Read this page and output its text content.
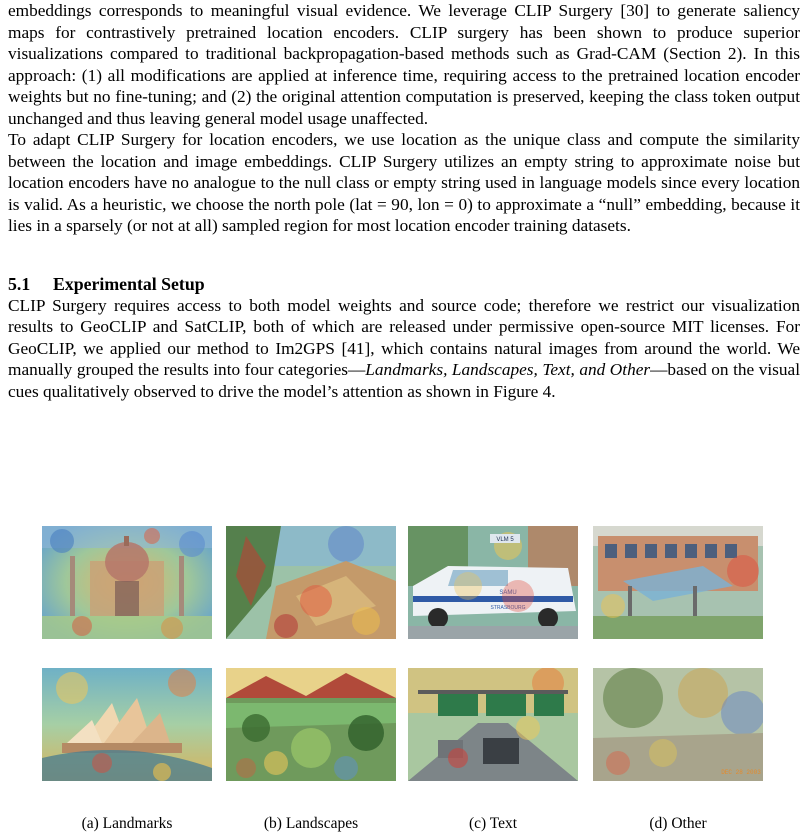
embeddings corresponds to meaningful visual evidence. We leverage CLIP Surgery [30] to generate saliency maps for contrastively pretrained location encoders. CLIP surgery has been shown to produce superior visualizations compared to traditional backpropagation-based methods such as Grad-CAM (Section 2). In this approach: (1) all modifications are applied at inference time, requiring access to the pretrained location encoder weights but no fine-tuning; and (2) the original attention computation is preserved, keeping the class token output unchanged and thus leaving general model usage unaffected.

To adapt CLIP Surgery for location encoders, we use location as the unique class and compute the similarity between the location and image embeddings. CLIP Surgery utilizes an empty string to approximate noise but location encoders have no analogue to the null class or empty string used in language models since every location is valid. As a heuristic, we choose the north pole (lat = 90, lon = 0) to approximate a “null” embedding, because it lies in a sparsely (or not at all) sampled region for most location encoder training datasets.

5.1 Experimental Setup

CLIP Surgery requires access to both model weights and source code; therefore we restrict our visualization results to GeoCLIP and SatCLIP, both of which are released under permissive open-source MIT licenses. For GeoCLIP, we applied our method to Im2GPS [41], which contains natural images from around the world. We manually grouped the results into four categories—Landmarks, Landscapes, Text, and Other—based on the visual cues qualitatively observed to drive the model’s attention as shown in Figure 4.

(a) Landmarks	(b) Landscapes
VLM 5
SAMU
STRASBOURG
(c) Text
DEC 28 2003
(d) Other
